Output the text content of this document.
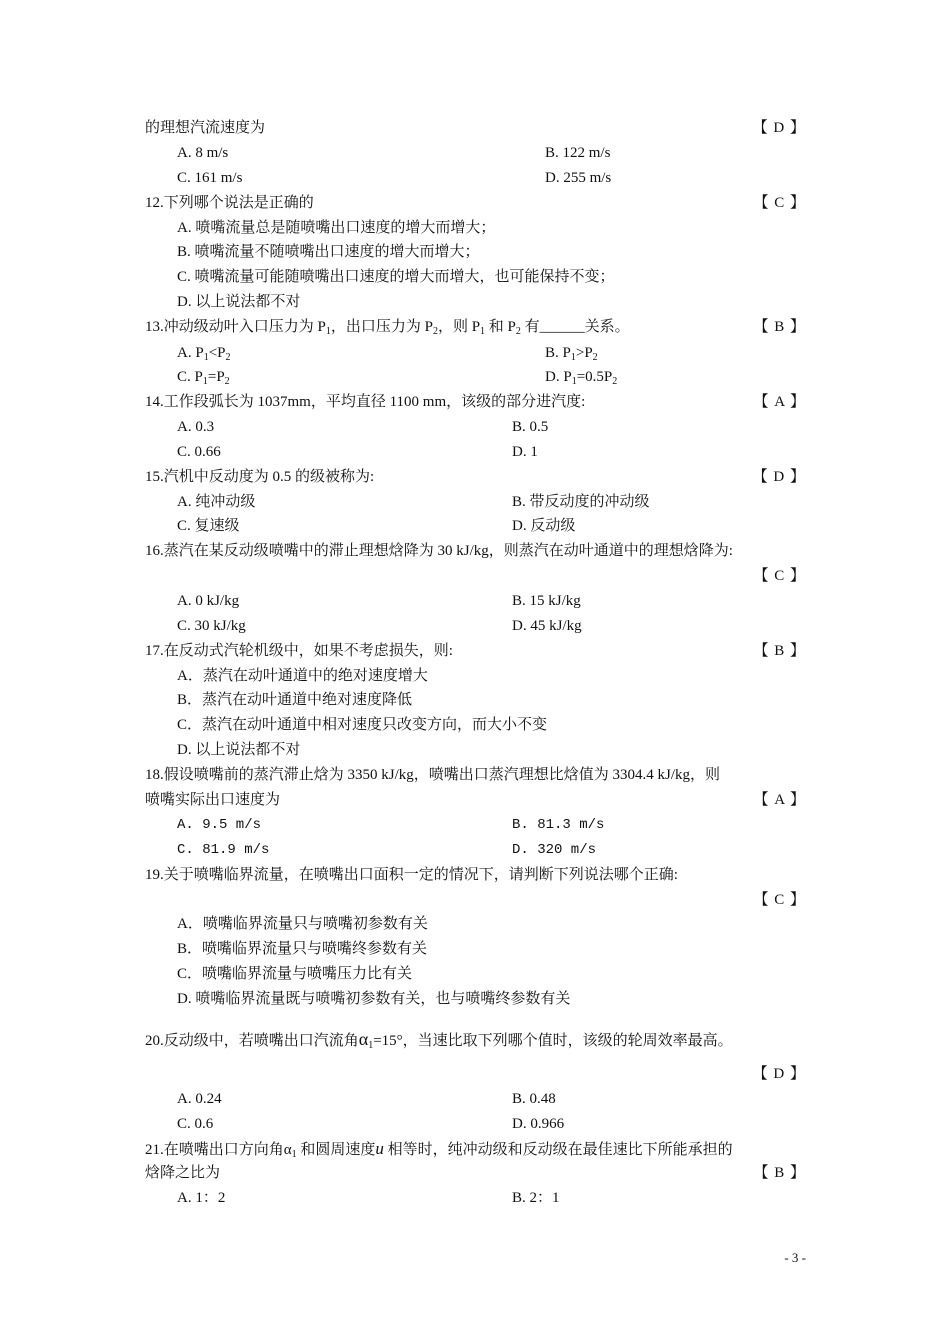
的理想汽流速度为	【 D 】
A. 8 m/s	B. 122 m/s
C. 161 m/s	D. 255 m/s
12.下列哪个说法是正确的	【 C 】
A. 喷嘴流量总是随喷嘴出口速度的增大而增大；
B. 喷嘴流量不随喷嘴出口速度的增大而增大；
C. 喷嘴流量可能随喷嘴出口速度的增大而增大，也可能保持不变；
D. 以上说法都不对
13.冲动级动叶入口压力为 $P_1$，出口压力为 $P_2$，则 $P_1$ 和 $P_2$ 有______关系。	【 B 】
A. $P_1<P_2$	B. $P_1>P_2$
C. $P_1=P_2$	D. $P_1=0.5P_2$
14.工作段弧长为 1037mm，平均直径 1100 mm，该级的部分进汽度:	【 A 】
A. 0.3	B. 0.5
C. 0.66	D. 1
15.汽机中反动度为 0.5 的级被称为:	【 D 】
A. 纯冲动级	B. 带反动度的冲动级
C. 复速级	D. 反动级
16.蒸汽在某反动级喷嘴中的滞止理想焓降为 30 kJ/kg，则蒸汽在动叶通道中的理想焓降为:
【 C 】
A. 0 kJ/kg	B. 15 kJ/kg
C. 30 kJ/kg	D. 45 kJ/kg
17.在反动式汽轮机级中，如果不考虑损失，则:	【 B 】
A．蒸汽在动叶通道中的绝对速度增大
B．蒸汽在动叶通道中绝对速度降低
C．蒸汽在动叶通道中相对速度只改变方向，而大小不变
D. 以上说法都不对
18.假设喷嘴前的蒸汽滞止焓为 3350 kJ/kg，喷嘴出口蒸汽理想比焓值为 3304.4 kJ/kg，则
喷嘴实际出口速度为	【 A 】
A. 9.5 m/s	B. 81.3 m/s
C. 81.9 m/s	D. 320 m/s
19.关于喷嘴临界流量，在喷嘴出口面积一定的情况下，请判断下列说法哪个正确:
【 C 】
A．喷嘴临界流量只与喷嘴初参数有关
B．喷嘴临界流量只与喷嘴终参数有关
C．喷嘴临界流量与喷嘴压力比有关
D. 喷嘴临界流量既与喷嘴初参数有关，也与喷嘴终参数有关
20.反动级中，若喷嘴出口汽流角$\alpha_1=15^\circ$，当速比取下列哪个值时，该级的轮周效率最高。
【 D 】
A. 0.24	B. 0.48
C. 0.6	D. 0.966
21.在喷嘴出口方向角$\alpha_1$ 和圆周速度u 相等时，纯冲动级和反动级在最佳速比下所能承担的
焓降之比为	【 B 】
A. 1：2	B. 2：1
- 3 -
